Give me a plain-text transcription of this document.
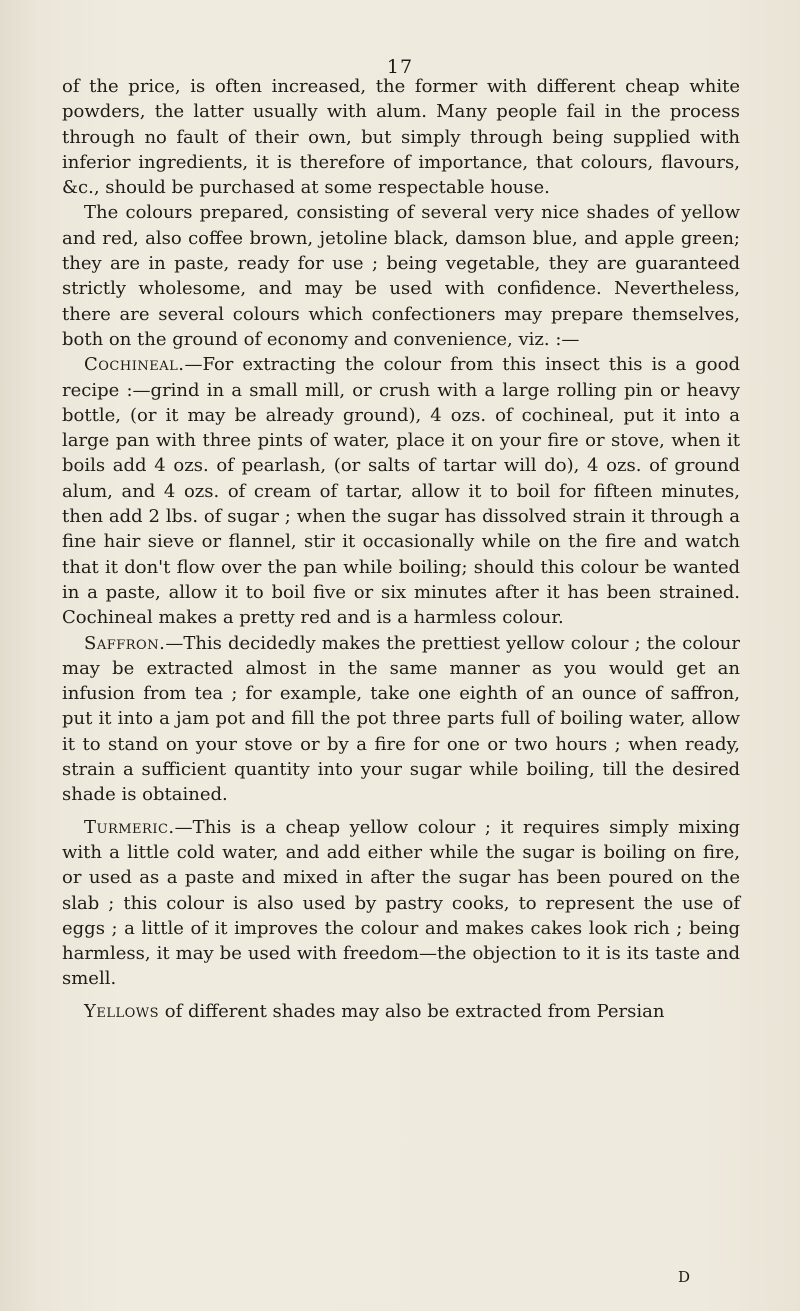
17

of the price, is often increased, the former with different cheap white powders, the latter usually with alum. Many people fail in the process through no fault of their own, but simply through being supplied with inferior ingredients, it is therefore of importance, that colours, flavours, &c., should be purchased at some respectable house.

The colours prepared, consisting of several very nice shades of yellow and red, also coffee brown, jetoline black, damson blue, and apple green; they are in paste, ready for use ; being vegetable, they are guaranteed strictly wholesome, and may be used with confidence. Nevertheless, there are several colours which confectioners may prepare themselves, both on the ground of economy and convenience, viz. :—

Cochineal.—For extracting the colour from this insect this is a good recipe :—grind in a small mill, or crush with a large rolling pin or heavy bottle, (or it may be already ground), 4 ozs. of cochineal, put it into a large pan with three pints of water, place it on your fire or stove, when it boils add 4 ozs. of pearlash, (or salts of tartar will do), 4 ozs. of ground alum, and 4 ozs. of cream of tartar, allow it to boil for fifteen minutes, then add 2 lbs. of sugar ; when the sugar has dissolved strain it through a fine hair sieve or flannel, stir it occasionally while on the fire and watch that it don't flow over the pan while boiling; should this colour be wanted in a paste, allow it to boil five or six minutes after it has been strained. Cochineal makes a pretty red and is a harmless colour.

Saffron.—This decidedly makes the prettiest yellow colour ; the colour may be extracted almost in the same manner as you would get an infusion from tea ; for example, take one eighth of an ounce of saffron, put it into a jam pot and fill the pot three parts full of boiling water, allow it to stand on your stove or by a fire for one or two hours ; when ready, strain a sufficient quantity into your sugar while boiling, till the desired shade is obtained.

Turmeric.—This is a cheap yellow colour ; it requires simply mixing with a little cold water, and add either while the sugar is boiling on fire, or used as a paste and mixed in after the sugar has been poured on the slab ; this colour is also used by pastry cooks, to represent the use of eggs ; a little of it improves the colour and makes cakes look rich ; being harmless, it may be used with freedom—the objection to it is its taste and smell.

Yellows of different shades may also be extracted from Persian

D
